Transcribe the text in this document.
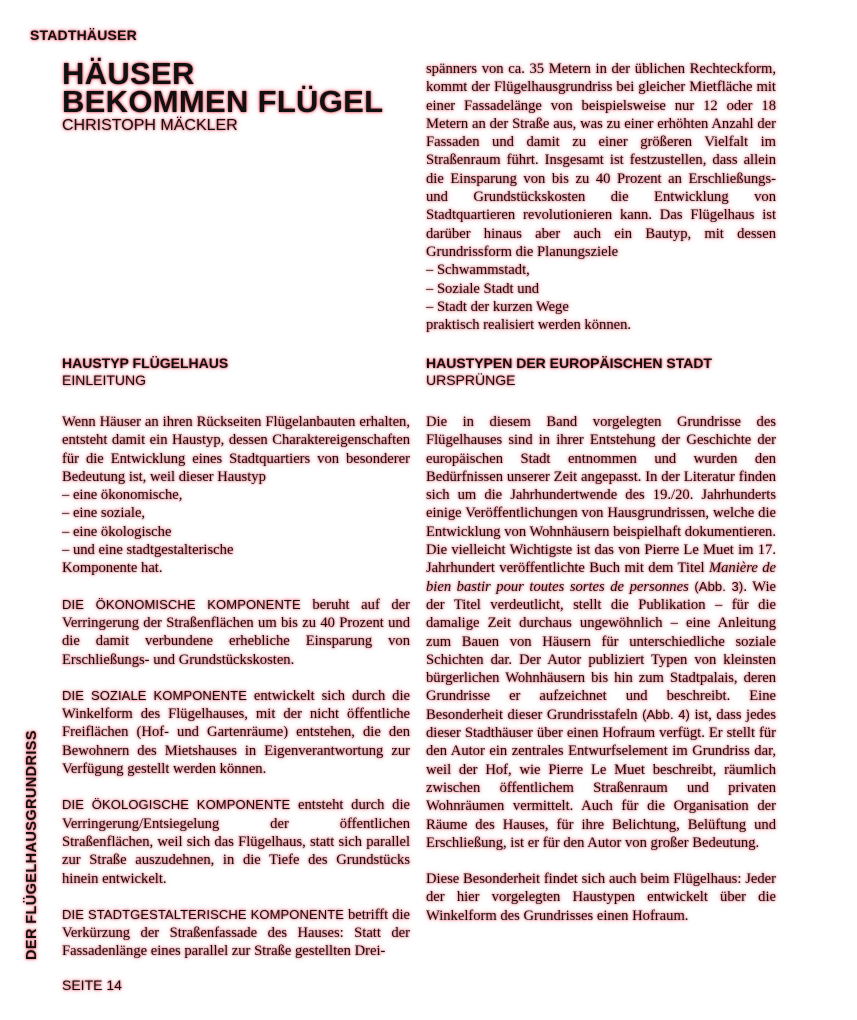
STADTHÄUSER
HÄUSER
BEKOMMEN FLÜGEL
CHRISTOPH MÄCKLER

spänners von ca. 35 Metern in der üblichen Rechteckform, kommt der Flügelhausgrundriss bei gleicher Mietfläche mit einer Fassadelänge von beispielsweise nur 12 oder 18 Metern an der Straße aus, was zu einer erhöhten Anzahl der Fassaden und damit zu einer größeren Vielfalt im Straßenraum führt. Insgesamt ist festzustellen, dass allein die Einsparung von bis zu 40 Prozent an Erschließungs- und Grundstückskosten die Entwicklung von Stadtquartieren revolutionieren kann. Das Flügelhaus ist darüber hinaus aber auch ein Bautyp, mit dessen Grundrissform die Planungsziele

– Schwammstadt,
– Soziale Stadt und
– Stadt der kurzen Wege

praktisch realisiert werden können.

HAUSTYP FLÜGELHAUS
EINLEITUNG

Wenn Häuser an ihren Rückseiten Flügelanbauten erhalten, entsteht damit ein Haustyp, dessen Charaktereigenschaften für die Entwicklung eines Stadtquartiers von besonderer Bedeutung ist, weil dieser Haustyp

– eine ökonomische,
– eine soziale,
– eine ökologische
– und eine stadtgestalterische

Komponente hat.

DIE ÖKONOMISCHE KOMPONENTE beruht auf der Verringerung der Straßenflächen um bis zu 40 Prozent und die damit verbundene erhebliche Einsparung von Erschließungs- und Grundstückskosten.

DIE SOZIALE KOMPONENTE entwickelt sich durch die Winkelform des Flügelhauses, mit der nicht öffentliche Freiflächen (Hof- und Gartenräume) entstehen, die den Bewohnern des Mietshauses in Eigenverantwortung zur Verfügung gestellt werden können.

DIE ÖKOLOGISCHE KOMPONENTE entsteht durch die Verringerung/Entsiegelung der öffentlichen Straßenflächen, weil sich das Flügelhaus, statt sich parallel zur Straße auszudehnen, in die Tiefe des Grundstücks hinein entwickelt.

DIE STADTGESTALTERISCHE KOMPONENTE betrifft die Verkürzung der Straßenfassade des Hauses: Statt der Fassadenlänge eines parallel zur Straße gestellten Drei-

HAUSTYPEN DER EUROPÄISCHEN STADT
URSPRÜNGE

Die in diesem Band vorgelegten Grundrisse des Flügelhauses sind in ihrer Entstehung der Geschichte der europäischen Stadt entnommen und wurden den Bedürfnissen unserer Zeit angepasst. In der Literatur finden sich um die Jahrhundertwende des 19./20. Jahrhunderts einige Veröffentlichungen von Hausgrundrissen, welche die Entwicklung von Wohnhäusern beispielhaft dokumentieren. Die vielleicht Wichtigste ist das von Pierre Le Muet im 17. Jahrhundert veröffentlichte Buch mit dem Titel Manière de bien bastir pour toutes sortes de personnes (Abb. 3). Wie der Titel verdeutlicht, stellt die Publikation – für die damalige Zeit durchaus ungewöhnlich – eine Anleitung zum Bauen von Häusern für unterschiedliche soziale Schichten dar. Der Autor publiziert Typen von kleinsten bürgerlichen Wohnhäusern bis hin zum Stadtpalais, deren Grundrisse er aufzeichnet und beschreibt. Eine Besonderheit dieser Grundrisstafeln (Abb. 4) ist, dass jedes dieser Stadthäuser über einen Hofraum verfügt. Er stellt für den Autor ein zentrales Entwurfselement im Grundriss dar, weil der Hof, wie Pierre Le Muet beschreibt, räumlich zwischen öffentlichem Straßenraum und privaten Wohnräumen vermittelt. Auch für die Organisation der Räume des Hauses, für ihre Belichtung, Belüftung und Erschließung, ist er für den Autor von großer Bedeutung.

Diese Besonderheit findet sich auch beim Flügelhaus: Jeder der hier vorgelegten Haustypen entwickelt über die Winkelform des Grundrisses einen Hofraum.

DER FLÜGELHAUSGRUNDRISS
SEITE 14
